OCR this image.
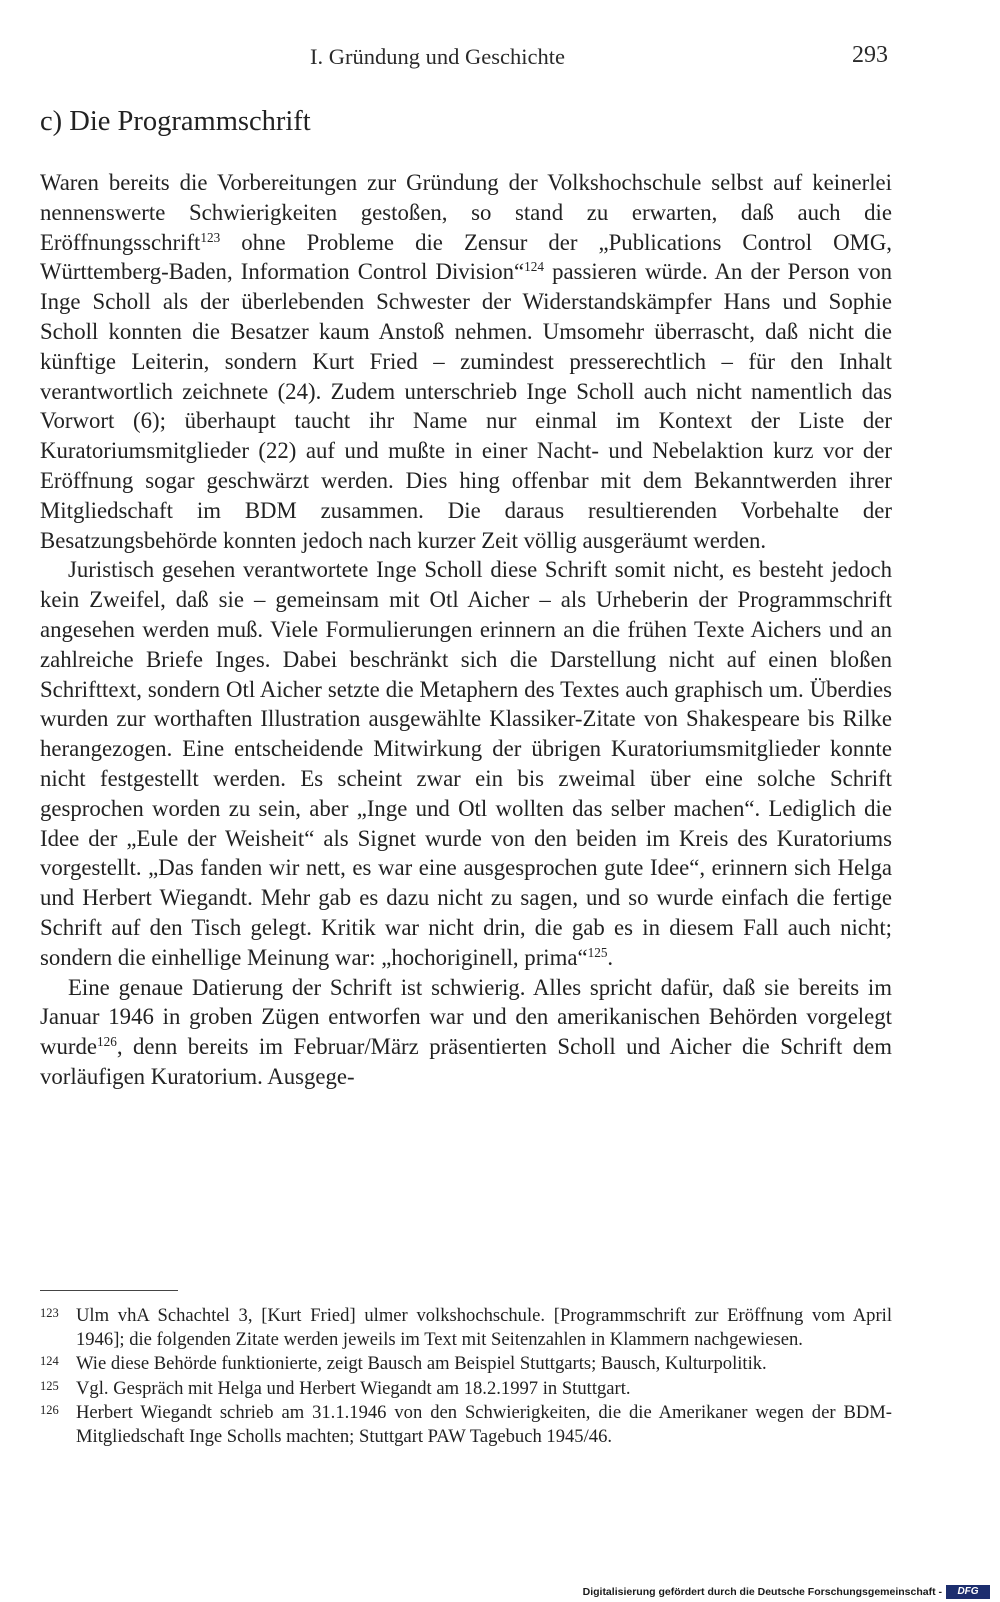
I. Gründung und Geschichte	293
c) Die Programmschrift

Waren bereits die Vorbereitungen zur Gründung der Volkshochschule selbst auf keinerlei nennenswerte Schwierigkeiten gestoßen, so stand zu erwarten, daß auch die Eröffnungsschrift$^{123}$ ohne Probleme die Zensur der „Publications Control OMG, Württemberg-Baden, Information Control Division“$^{124}$ passieren würde. An der Person von Inge Scholl als der überlebenden Schwester der Widerstandskämpfer Hans und Sophie Scholl konnten die Besatzer kaum Anstoß nehmen. Umsomehr überrascht, daß nicht die künftige Leiterin, sondern Kurt Fried – zumindest presserechtlich – für den Inhalt verantwortlich zeichnete (24). Zudem unterschrieb Inge Scholl auch nicht namentlich das Vorwort (6); überhaupt taucht ihr Name nur einmal im Kontext der Liste der Kuratoriumsmitglieder (22) auf und mußte in einer Nacht- und Nebelaktion kurz vor der Eröffnung sogar geschwärzt werden. Dies hing offenbar mit dem Bekanntwerden ihrer Mitgliedschaft im BDM zusammen. Die daraus resultierenden Vorbehalte der Besatzungsbehörde konnten jedoch nach kurzer Zeit völlig ausgeräumt werden.

Juristisch gesehen verantwortete Inge Scholl diese Schrift somit nicht, es besteht jedoch kein Zweifel, daß sie – gemeinsam mit Otl Aicher – als Urheberin der Programmschrift angesehen werden muß. Viele Formulierungen erinnern an die frühen Texte Aichers und an zahlreiche Briefe Inges. Dabei beschränkt sich die Darstellung nicht auf einen bloßen Schrifttext, sondern Otl Aicher setzte die Metaphern des Textes auch graphisch um. Überdies wurden zur worthaften Illustration ausgewählte Klassiker-Zitate von Shakespeare bis Rilke herangezogen. Eine entscheidende Mitwirkung der übrigen Kuratoriumsmitglieder konnte nicht festgestellt werden. Es scheint zwar ein bis zweimal über eine solche Schrift gesprochen worden zu sein, aber „Inge und Otl wollten das selber machen“. Lediglich die Idee der „Eule der Weisheit“ als Signet wurde von den beiden im Kreis des Kuratoriums vorgestellt. „Das fanden wir nett, es war eine ausgesprochen gute Idee“, erinnern sich Helga und Herbert Wiegandt. Mehr gab es dazu nicht zu sagen, und so wurde einfach die fertige Schrift auf den Tisch gelegt. Kritik war nicht drin, die gab es in diesem Fall auch nicht; sondern die einhellige Meinung war: „hochoriginell, prima“$^{125}$.

Eine genaue Datierung der Schrift ist schwierig. Alles spricht dafür, daß sie bereits im Januar 1946 in groben Zügen entworfen war und den amerikanischen Behörden vorgelegt wurde$^{126}$, denn bereits im Februar/März präsentierten Scholl und Aicher die Schrift dem vorläufigen Kuratorium. Ausgege-

123 Ulm vhA Schachtel 3, [Kurt Fried] ulmer volkshochschule. [Programmschrift zur Eröffnung vom April 1946]; die folgenden Zitate werden jeweils im Text mit Seitenzahlen in Klammern nachgewiesen.

124 Wie diese Behörde funktionierte, zeigt Bausch am Beispiel Stuttgarts; Bausch, Kulturpolitik.

125 Vgl. Gespräch mit Helga und Herbert Wiegandt am 18.2.1997 in Stuttgart.

126 Herbert Wiegandt schrieb am 31.1.1946 von den Schwierigkeiten, die die Amerikaner wegen der BDM-Mitgliedschaft Inge Scholls machten; Stuttgart PAW Tagebuch 1945/46.

Digitalisierung gefördert durch die Deutsche Forschungsgemeinschaft -	DFG
